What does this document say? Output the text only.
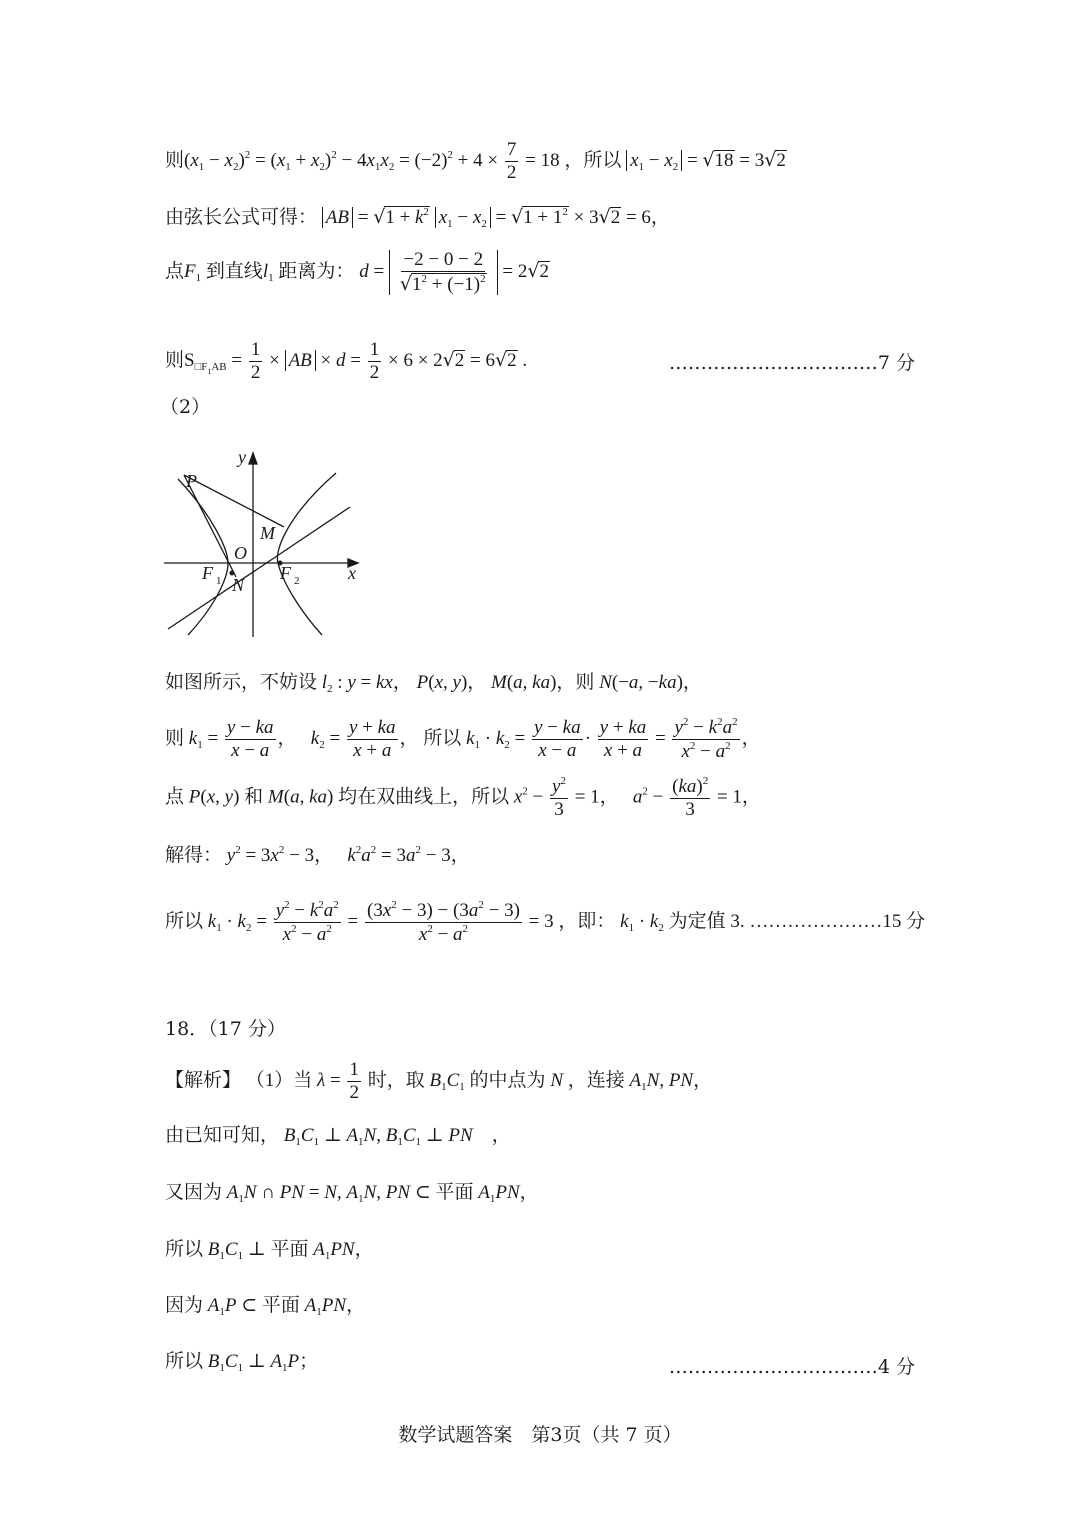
则$(x_1 - x_2)^2 = (x_1 + x_2)^2 - 4x_1x_2 = (-2)^2 + 4 \times \frac{7}{2} = 18$ ，所以 $x_1 - x_2 = √18 = 3√2$
由弦长公式可得： AB = $√1 + k^2$ $x_1 - x_2 = √1 + 1^2 \times 3√2 = 6$，
点$F_1$ 到直线$l_1$ 距离为： $d = \frac{-2 - 0 - 2}{√1^2 + (-1)^2} = 2√2$
则$S_{□F_1AB} = \frac{1}{2}$ × AB × $d = \frac{1}{2} \times 6 \times 2√2 = 6√2$ .	……………………………7 分
（2）
y
P
M
O
F 1 N
F 2	x
如图所示，不妨设 $l_2$ : y = kx， P(x, y)， M(a, ka)，则 N(−a, −ka)，
则 $k_1 = \frac{y - ka}{x - a}$ ，　 $k_2 = \frac{y + ka}{x + a}$ ， 所以 $k_1 \cdot k_2 = \frac{y - ka}{x - a} \cdot \frac{y + ka}{x + a} = \frac{y^2 - k^2a^2}{x^2 - a^2}$ ，
点 P(x, y) 和 M(a, ka) 均在双曲线上，所以 $x^2 - \frac{y^2}{3} = 1$，　 $a^2 - \frac{(ka)^2}{3} = 1$，
解得： $y^2 = 3x^2 - 3$，　 $k^2a^2 = 3a^2 - 3$，
所以 $k_1 \cdot k_2 = \frac{y^2 - k^2a^2}{x^2 - a^2} = \frac{(3x^2 - 3) - (3a^2 - 3)}{x^2 - a^2} = 3$ ，即： $k_1 \cdot k_2$ 为定值 3. …………………15 分
18．（17 分）
【解析】 （1）当 $\lambda = \frac{1}{2}$ 时，取 $B_1C_1$ 的中点为 N ，连接 $A_1N$, PN，
由已知可知， $B_1C_1$ ⊥ $A_1N$, $B_1C_1$ ⊥ PN　，
又因为 $A_1N$ ∩ PN = N, $A_1N$, PN ⊂ 平面 $A_1PN$，
所以 $B_1C_1$ ⊥ 平面 $A_1PN$，
因为 $A_1P$ ⊂ 平面 $A_1PN$，
所以 $B_1C_1$ ⊥ $A_1P$；	……………………………4 分
数学试题答案　第3页（共 7 页）
